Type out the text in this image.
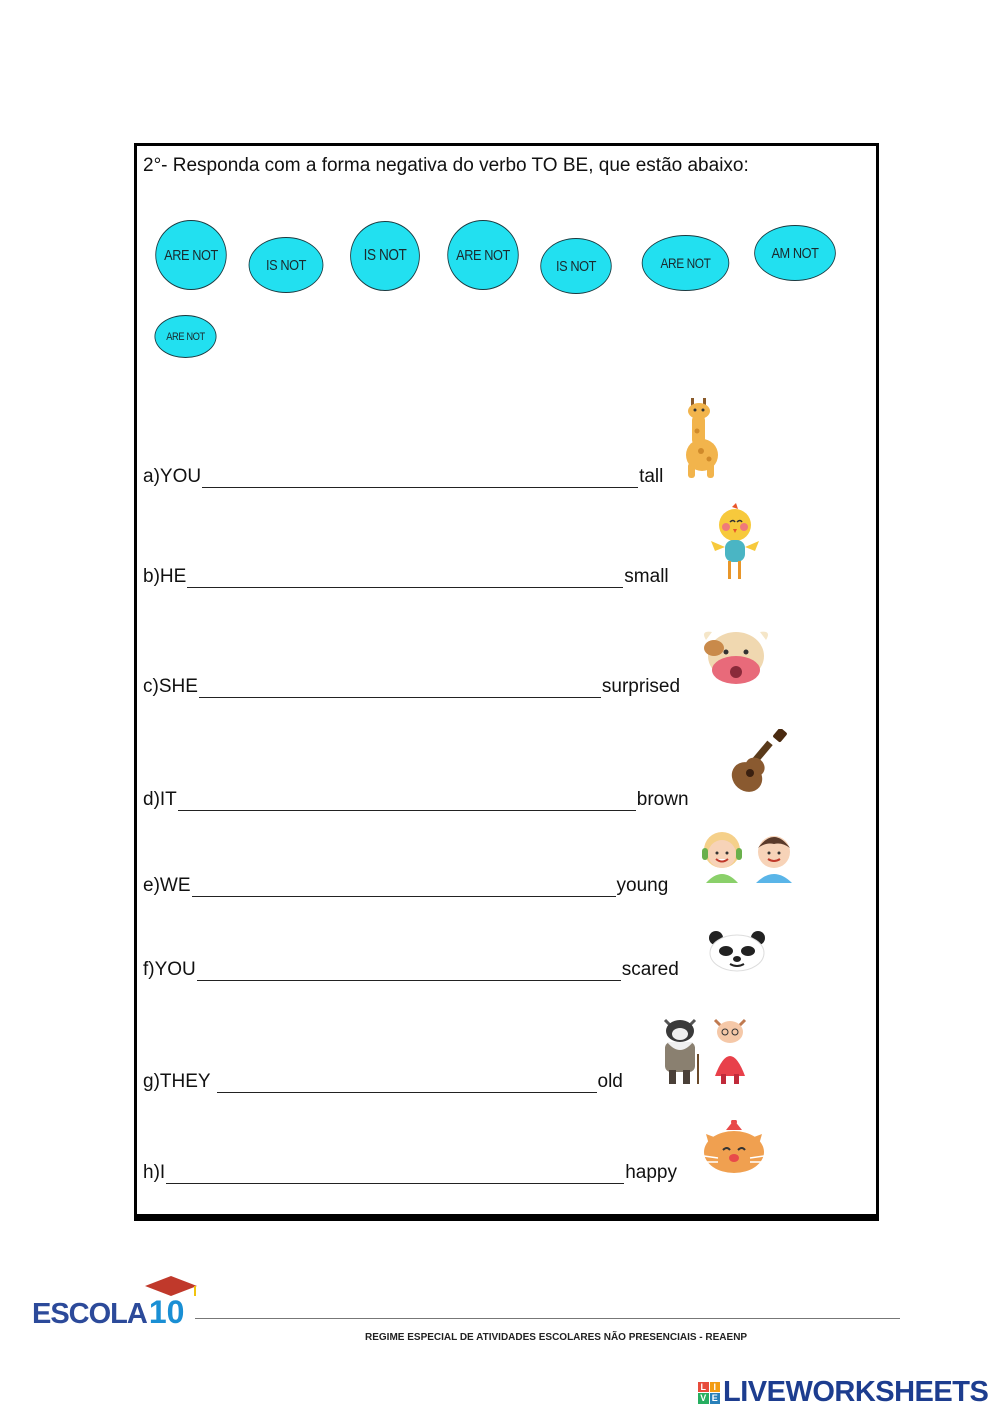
2°- Responda com a forma negativa do verbo TO BE, que estão abaixo:
ARE NOT
IS NOT
IS NOT	ARE NOT
IS NOT	ARE NOT
AM NOT
ARE NOT
a)YOU	tall
b)HE	small
c)SHE	surprised
d)IT	brown
e)WE	young
f)YOU	scared
g)THEY	old
h)I	happy
ESCOLA 10
REGIME ESPECIAL DE ATIVIDADES ESCOLARES NÃO PRESENCIAIS - REAENP
L I
V E LIVEWORKSHEETS
